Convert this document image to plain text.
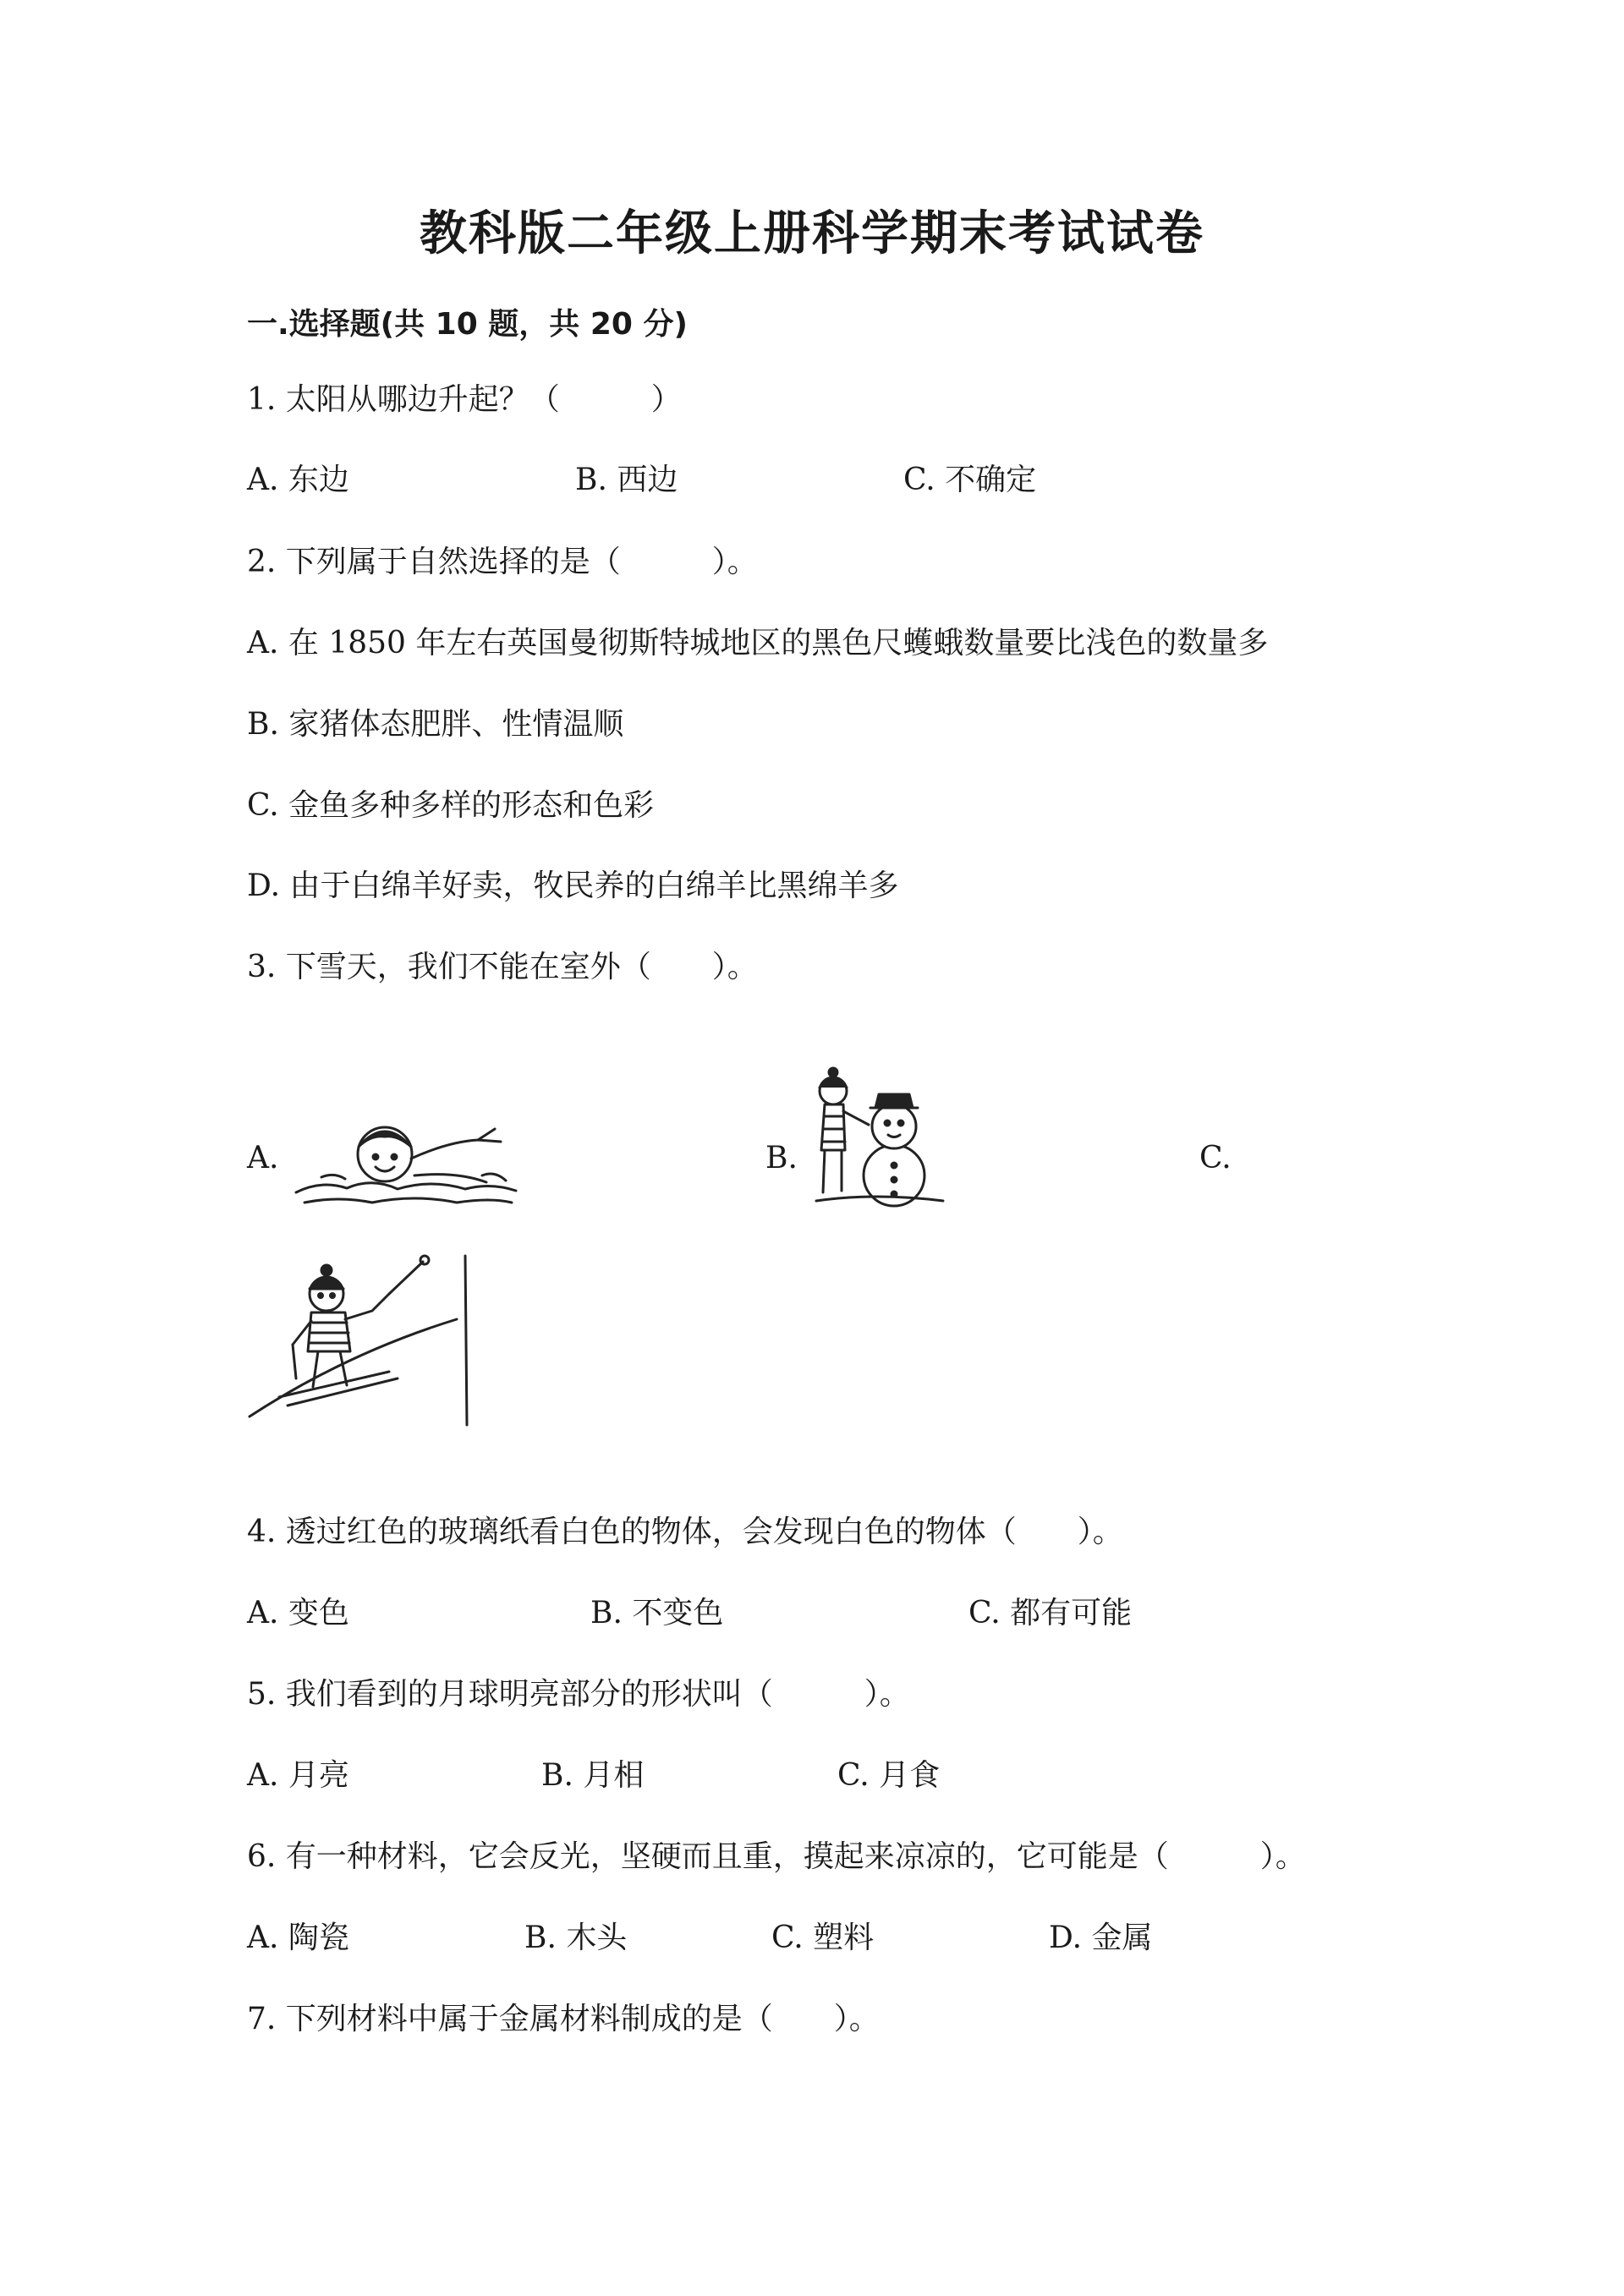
教科版二年级上册科学期末考试试卷
一.选择题(共 10 题，共 20 分)
1. 太阳从哪边升起？（　　　）
A. 东边	B. 西边	C. 不确定
2. 下列属于自然选择的是（　　　）。
A. 在 1850 年左右英国曼彻斯特城地区的黑色尺蠖蛾数量要比浅色的数量多
B. 家猪体态肥胖、性情温顺
C. 金鱼多种多样的形态和色彩
D. 由于白绵羊好卖，牧民养的白绵羊比黑绵羊多
3. 下雪天，我们不能在室外（　　）。
A.	B.	C.
4. 透过红色的玻璃纸看白色的物体，会发现白色的物体（　　）。
A. 变色	B. 不变色	C. 都有可能
5. 我们看到的月球明亮部分的形状叫（　　　）。
A. 月亮	B. 月相	C. 月食
6. 有一种材料，它会反光，坚硬而且重，摸起来凉凉的，它可能是（　　　）。
A. 陶瓷	B. 木头	C. 塑料	D. 金属
7. 下列材料中属于金属材料制成的是（　　）。
